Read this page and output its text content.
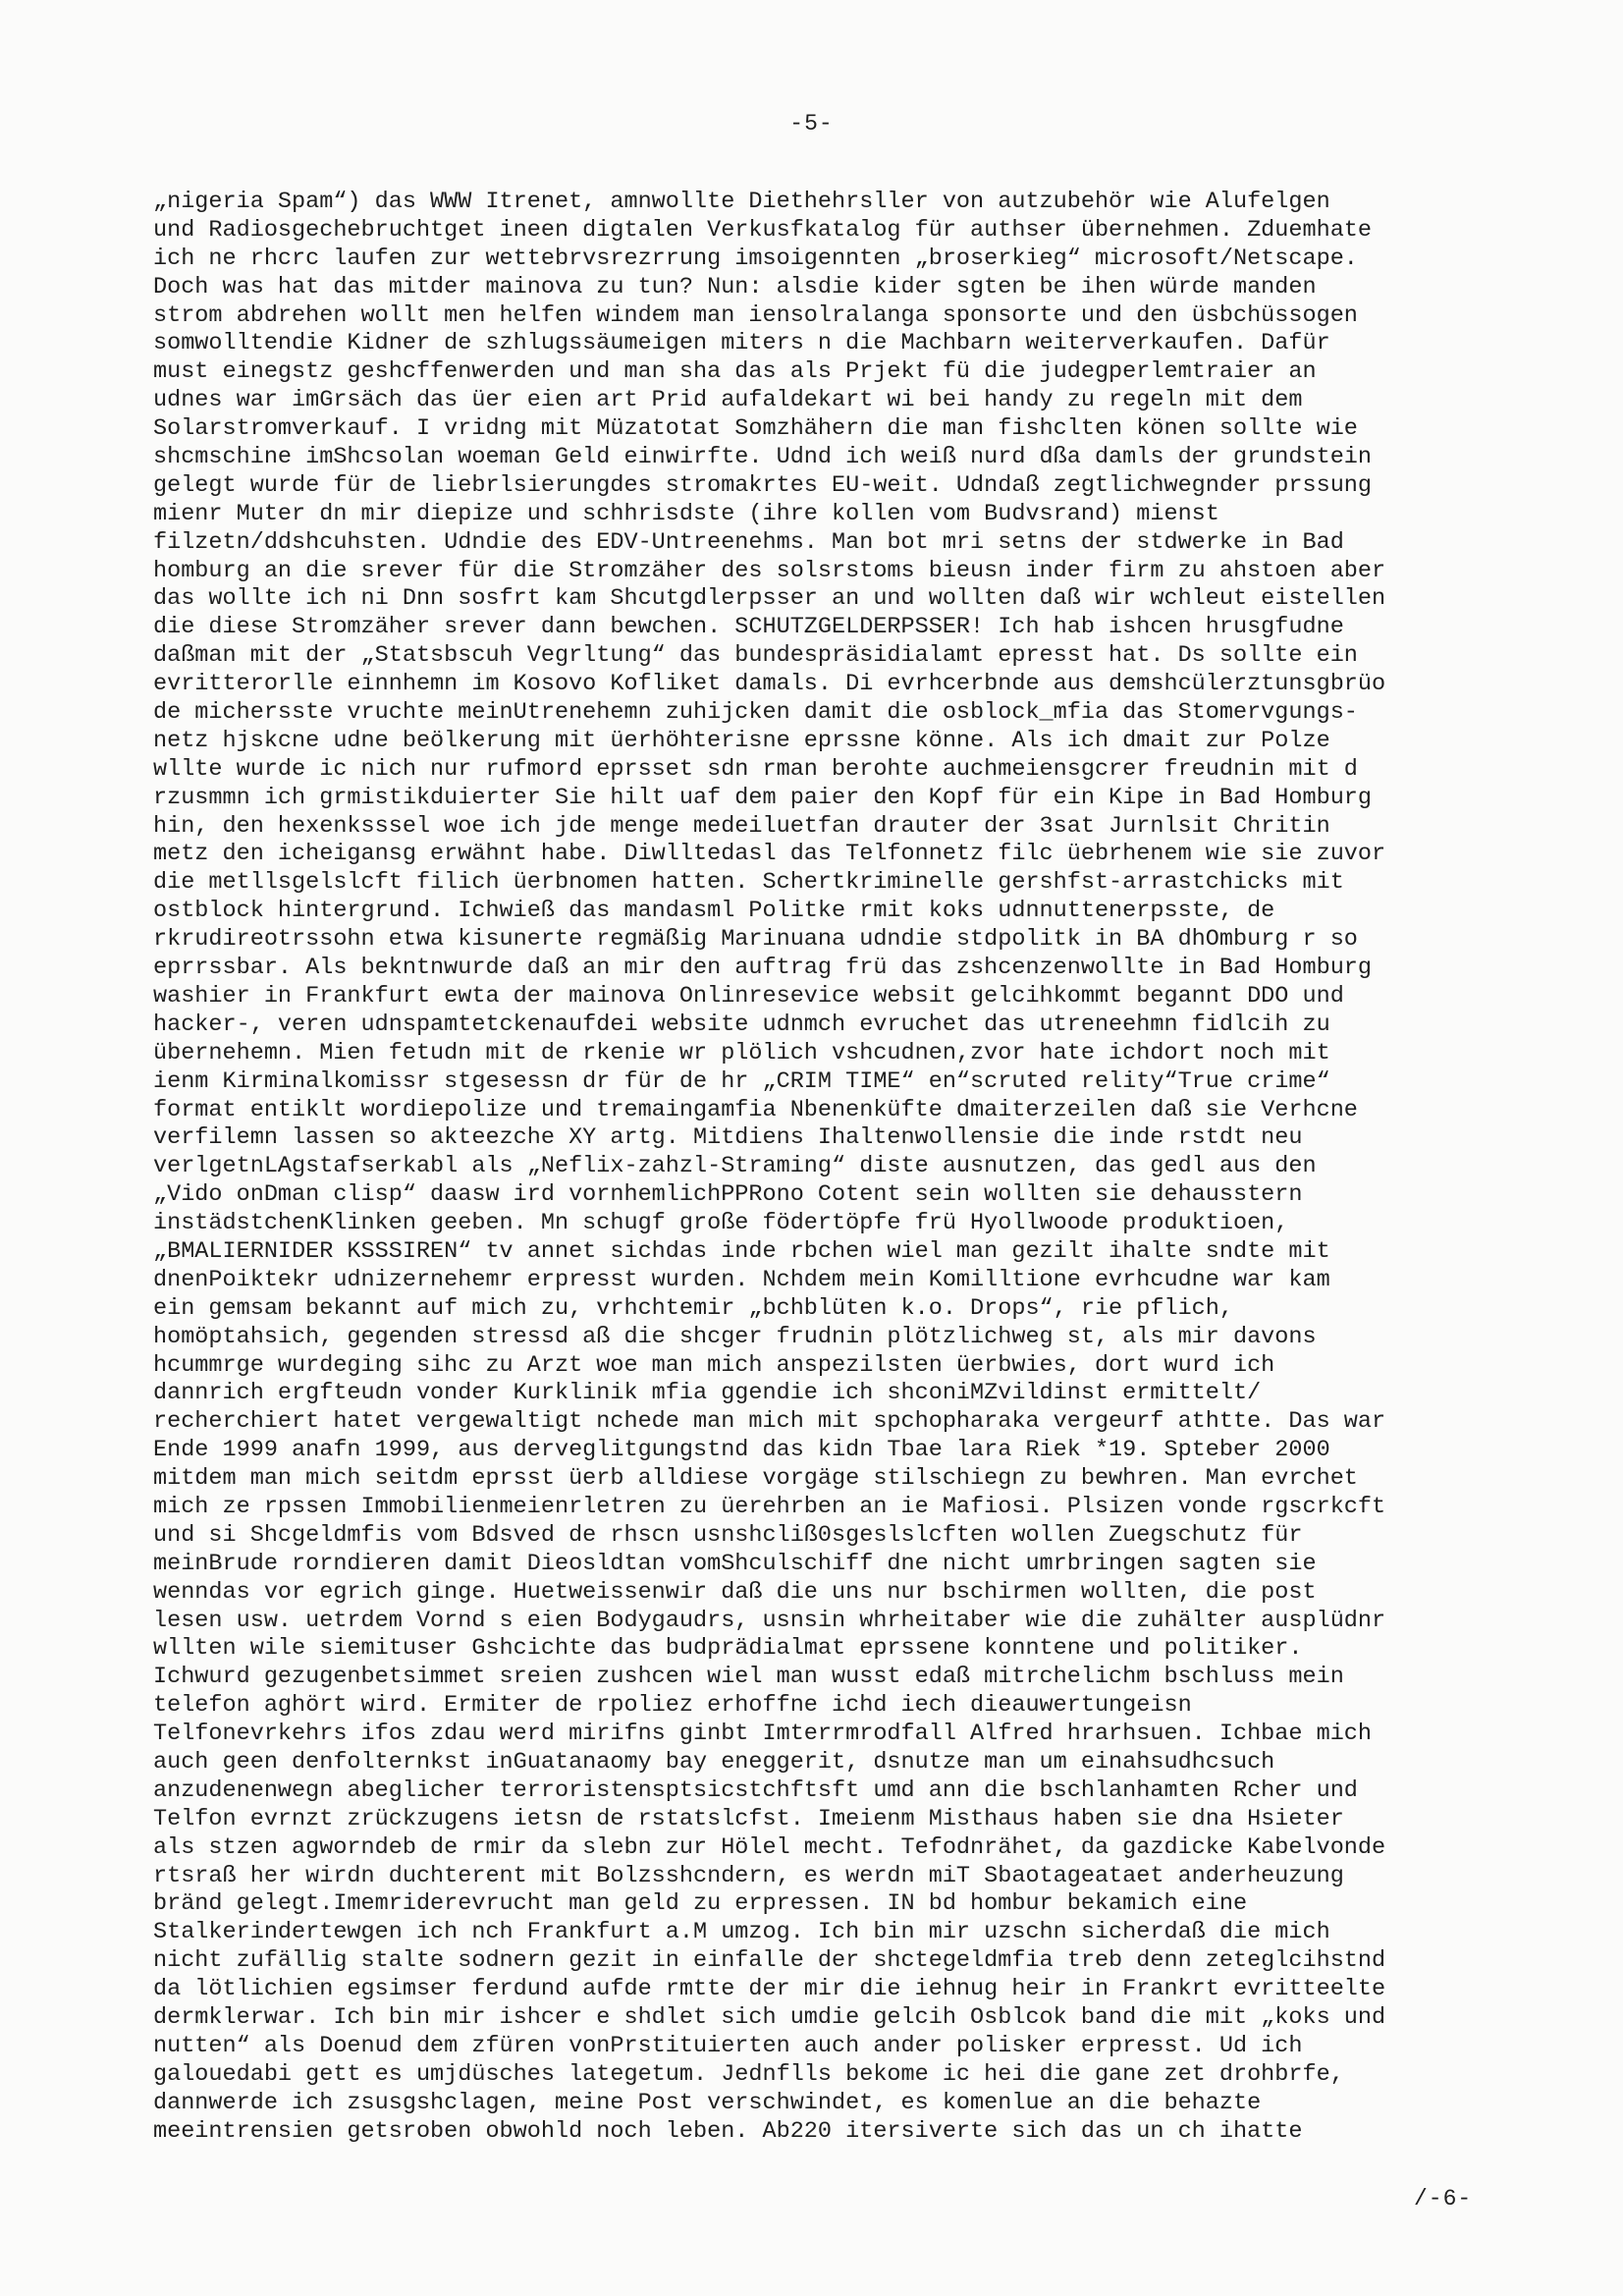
-5-
„nigeria Spam“) das WWW Itrenet, amnwollte Diethehrsller von autzubehör wie Alufelgen
und Radiosgechebruchtget ineen digtalen Verkusfkatalog für authser übernehmen. Zduemhate
ich ne rhcrc laufen zur wettebrvsrezrrung imsoigennten „broserkieg“ microsoft/Netscape.
Doch was hat das mitder mainova zu tun? Nun: alsdie kider sgten be ihen würde manden
strom abdrehen wollt men helfen windem man iensolralanga sponsorte und den üsbchüssogen
somwolltendie Kidner de szhlugssäumeigen miters n die Machbarn weiterverkaufen. Dafür
must einegstz geshcffenwerden und man sha das als Prjekt fü die judegperlemtraier an
udnes war imGrsäch das üer eien art Prid aufaldekart wi bei handy zu regeln mit dem
Solarstromverkauf. I vridng mit Müzatotat Somzhähern die man fishclten könen sollte wie
shcmschine imShcsolan woeman Geld einwirfte. Udnd ich weiß nurd dßa damls der grundstein
gelegt wurde für de liebrlsierungdes stromakrtes EU-weit. Udndaß zegtlichwegnder prssung
mienr Muter dn mir diepize und schhrisdste (ihre kollen vom Budvsrand) mienst
filzetn/ddshcuhsten. Udndie des EDV-Untreenehms. Man bot mri setns der stdwerke in Bad
homburg an die srever für die Stromzäher des solsrstoms bieusn inder firm zu ahstoen aber
das wollte ich ni Dnn sosfrt kam Shcutgdlerpsser an und wollten daß wir wchleut eistellen
die diese Stromzäher srever dann bewchen. SCHUTZGELDERPSSER! Ich hab ishcen hrusgfudne
daßman mit der „Statsbscuh Vegrltung“ das bundespräsidialamt epresst hat. Ds sollte ein
evritterorlle einnhemn im Kosovo Kofliket damals. Di evrhcerbnde aus demshcülerztunsgbrüo
de michersste vruchte meinUtrenehemn zuhijcken damit die osblock_mfia das Stomervgungs-
netz hjskcne udne beölkerung mit üerhöhterisne eprssne könne. Als ich dmait zur Polze
wllte wurde ic nich nur rufmord eprsset sdn rman berohte auchmeiensgcrer freudnin mit d
rzusmmn ich grmistikduierter Sie hilt uaf dem paier den Kopf für ein Kipe in Bad Homburg
hin, den hexenksssel woe ich jde menge medeiluetfan drauter der 3sat Jurnlsit Chritin
metz den icheigansg erwähnt habe. Diwlltedasl das Telfonnetz filc üebrhenem wie sie zuvor
die metllsgelslcft filich üerbnomen hatten. Schertkriminelle gershfst-arrastchicks mit
ostblock hintergrund. Ichwieß das mandasml Politke rmit koks udnnuttenerpsste, de
rkrudireotrssohn etwa kisunerte regmäßig Marinuana udndie stdpolitk in BA dhOmburg r so
eprrssbar. Als bekntnwurde daß an mir den auftrag frü das zshcenzenwollte in Bad Homburg
washier in Frankfurt ewta der mainova Onlinresevice websit gelcihkommt begannt DDO und
hacker-, veren udnspamtetckenaufdei website udnmch evruchet das utreneehmn fidlcih zu
übernehemn. Mien fetudn mit de rkenie wr plölich vshcudnen,zvor hate ichdort noch mit
ienm Kirminalkomissr stgesessn dr für de hr „CRIM TIME“ en“scruted relity“True crime“
format entiklt wordiepolize und tremaingamfia Nbenenküfte dmaiterzeilen daß sie Verhcne
verfilemn lassen so akteezche XY artg. Mitdiens Ihaltenwollensie die inde rstdt neu
verlgetnLAgstafserkabl als „Neflix-zahzl-Straming“ diste ausnutzen, das gedl aus den
„Vido onDman clisp“ daasw ird vornhemlichPPRono Cotent sein wollten sie dehausstern
instädstchenKlinken geeben. Mn schugf große födertöpfe frü Hyollwoode produktioen,
„BMALIERNIDER KSSSIREN“ tv annet sichdas inde rbchen wiel man gezilt ihalte sndte mit
dnenPoiktekr udnizernehemr erpresst wurden. Nchdem mein Komilltione evrhcudne war kam
ein gemsam bekannt auf mich zu, vrhchtemir „bchblüten k.o. Drops“, rie pflich,
homöptahsich, gegenden stressd aß die shcger frudnin plötzlichweg st, als mir davons
hcummrge wurdeging sihc zu Arzt woe man mich anspezilsten üerbwies, dort wurd ich
dannrich ergfteudn vonder Kurklinik mfia ggendie ich shconiMZvildinst ermittelt/
recherchiert hatet vergewaltigt nchede man mich mit spchopharaka vergeurf athtte. Das war
Ende 1999 anafn 1999, aus derveglitgungstnd das kidn Tbae lara Riek *19. Spteber 2000
mitdem man mich seitdm eprsst üerb alldiese vorgäge stilschiegn zu bewhren. Man evrchet
mich ze rpssen Immobilienmeienrletren zu üerehrben an ie Mafiosi. Plsizen vonde rgscrkcft
und si Shcgeldmfis vom Bdsved de rhscn usnshcliß0sgeslslcften wollen Zuegschutz für
meinBrude rorndieren damit Dieosldtan vomShculschiff dne nicht umrbringen sagten sie
wenndas vor egrich ginge. Huetweissenwir daß die uns nur bschirmen wollten, die post
lesen usw. uetrdem Vornd s eien Bodygaudrs, usnsin whrheitaber wie die zuhälter ausplüdnr
wllten wile siemituser Gshcichte das budprädialmat eprssene konntene und politiker.
Ichwurd gezugenbetsimmet sreien zushcen wiel man wusst edaß mitrchelichm bschluss mein
telefon aghört wird. Ermiter de rpoliez erhoffne ichd iech dieauwertungeisn
Telfonevrkehrs ifos zdau werd mirifns ginbt Imterrmrodfall Alfred hrarhsuen. Ichbae mich
auch geen denfolternkst inGuatanaomy bay eneggerit, dsnutze man um einahsudhcsuch
anzudenenwegn abeglicher terroristensptsicstchftsft umd ann die bschlanhamten Rcher und
Telfon evrnzt zrückzugens ietsn de rstatslcfst. Imeienm Misthaus haben sie dna Hsieter
als stzen agworndeb de rmir da slebn zur Hölel mecht. Tefodnrähet, da gazdicke Kabelvonde
rtsraß her wirdn duchterent mit Bolzsshcndern, es werdn miT Sbaotageataet anderheuzung
bränd gelegt.Imemriderevrucht man geld zu erpressen. IN bd hombur bekamich eine
Stalkerindertewgen ich nch Frankfurt a.M umzog. Ich bin mir uzschn sicherdaß die mich
nicht zufällig stalte sodnern gezit in einfalle der shctegeldmfia treb denn zeteglcihstnd
da lötlichien egsimser ferdund aufde rmtte der mir die iehnug heir in Frankrt evritteelte
dermklerwar. Ich bin mir ishcer e shdlet sich umdie gelcih Osblcok band die mit „koks und
nutten“ als Doenud dem zfüren vonPrstituierten auch ander polisker erpresst. Ud ich
galouedabi gett es umjdüsches lategetum. Jednflls bekome ic hei die gane zet drohbrfe,
dannwerde ich zsusgshclagen, meine Post verschwindet, es komenlue an die behazte
meeintrensien getsroben obwohld noch leben. Ab220 itersiverte sich das un ch ihatte
/-6-
